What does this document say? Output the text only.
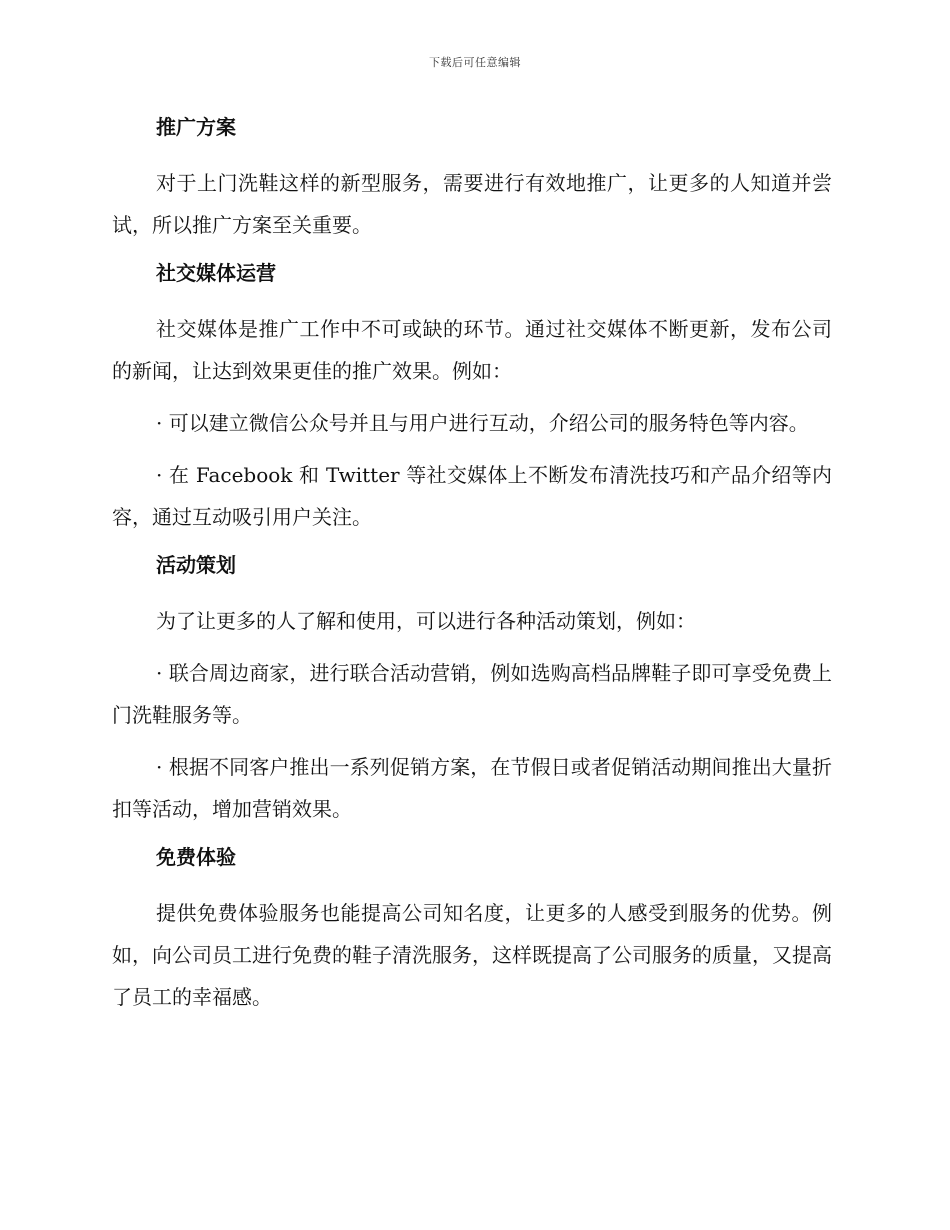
下载后可任意编辑
推广方案

对于上门洗鞋这样的新型服务，需要进行有效地推广，让更多的人知道并尝试，所以推广方案至关重要。

社交媒体运营

社交媒体是推广工作中不可或缺的环节。通过社交媒体不断更新，发布公司的新闻，让达到效果更佳的推广效果。例如：

· 可以建立微信公众号并且与用户进行互动，介绍公司的服务特色等内容。

· 在 Facebook 和 Twitter 等社交媒体上不断发布清洗技巧和产品介绍等内容，通过互动吸引用户关注。

活动策划

为了让更多的人了解和使用，可以进行各种活动策划，例如：

· 联合周边商家，进行联合活动营销，例如选购高档品牌鞋子即可享受免费上门洗鞋服务等。

· 根据不同客户推出一系列促销方案，在节假日或者促销活动期间推出大量折扣等活动，增加营销效果。

免费体验

提供免费体验服务也能提高公司知名度，让更多的人感受到服务的优势。例如，向公司员工进行免费的鞋子清洗服务，这样既提高了公司服务的质量，又提高了员工的幸福感。
